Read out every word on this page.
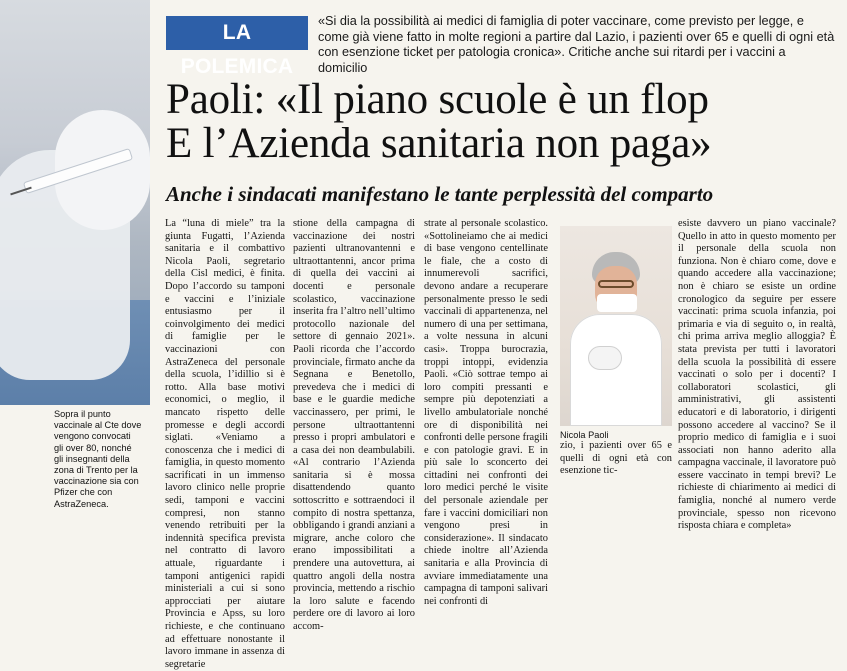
Sopra il punto vaccinale al Cte dove vengono convocati gli over 80, nonché gli insegnanti della zona di Trento per la vaccinazione sia con Pfizer che con AstraZeneca.
LA POLEMICA
«Si dia la possibilità ai medici di famiglia di poter vaccinare, come previsto per legge, e come già viene fatto in molte regioni a partire dal Lazio, i pazienti over 65 e quelli di ogni età con esenzione ticket per patologia cronica». Critiche anche sui ritardi per i vaccini a domicilio
Paoli: «Il piano scuole è un flop
E l’Azienda sanitaria non paga»
Anche i sindacati manifestano le tante perplessità del comparto

La “luna di miele” tra la giunta Fugatti, l’Azienda sanitaria e il combattivo Nicola Paoli, segretario della Cisl medici, è finita. Dopo l’accordo su tamponi e vaccini e l’iniziale entusiasmo per il coinvolgimento dei medici di famiglie per le vaccinazioni con AstraZeneca del personale della scuola, l’idillio si è rotto. Alla base motivi economici, o meglio, il mancato rispetto delle promesse e degli accordi siglati. «Veniamo a conoscenza che i medici di famiglia, in questo momento sacrificati in un immenso lavoro clinico nelle proprie sedi, tamponi e vaccini compresi, non stanno venendo retribuiti per la indennità specifica prevista nel contratto di lavoro attuale, riguardante i tamponi antigenici rapidi ministeriali a cui si sono approcciati per aiutare Provincia e Apss, su loro richieste, e che continuano ad effettuare nonostante il lavoro immane in assenza di segretarie

stione della campagna di vaccinazione dei nostri pazienti ultranovantenni e ultraottantenni, ancor prima di quella dei vaccini ai docenti e personale scolastico, vaccinazione inserita fra l’altro nell’ultimo protocollo nazionale del settore di gennaio 2021». Paoli ricorda che l’accordo provinciale, firmato anche da Segnana e Benetollo, prevedeva che i medici di base e le guardie mediche vaccinassero, per primi, le persone ultraottantenni presso i propri ambulatori e a casa dei non deambulabili. «Al contrario l’Azienda sanitaria si è mossa disattendendo quanto sottoscritto e sottraendoci il compito di nostra spettanza, obbligando i grandi anziani a migrare, anche coloro che erano impossibilitati a prendere una autovettura, ai quattro angoli della nostra provincia, mettendo a rischio la loro salute e facendo perdere ore di lavoro ai loro accom-

strate al personale scolastico. «Sottolineiamo che ai medici di base vengono centellinate le fiale, che a costo di innumerevoli sacrifici, devono andare a recuperare personalmente presso le sedi vaccinali di appartenenza, nel numero di una per settimana, a volte nessuna in alcuni casi». Troppa burocrazia, troppi intoppi, evidenzia Paoli. «Ciò sottrae tempo ai loro compiti pressanti e sempre più depotenziati a livello ambulatoriale nonché ore di disponibilità nei confronti delle persone fragili e con patologie gravi. E in più sale lo sconcerto dei cittadini nei confronti dei loro medici perché le visite del personale aziendale per fare i vaccini domiciliari non vengono presi in considerazione». Il sindacato chiede inoltre all’Azienda sanitaria e alla Provincia di avviare immediatamente una campagna di tamponi salivari nei confronti di

Nicola Paoli

zio, i pazienti over 65 e quelli di ogni età con esenzione tic-

esiste davvero un piano vaccinale? Quello in atto in questo momento per il personale della scuola non funziona. Non è chiaro come, dove e quando accedere alla vaccinazione; non è chiaro se esiste un ordine cronologico da seguire per essere vaccinati: prima scuola infanzia, poi primaria e via di seguito o, in realtà, chi prima arriva meglio alloggia? È stata prevista per tutti i lavoratori della scuola la possibilità di essere vaccinati o solo per i docenti? I collaboratori scolastici, gli amministrativi, gli assistenti educatori e di laboratorio, i dirigenti possono accedere al vaccino? Se il proprio medico di famiglia e i suoi associati non hanno aderito alla campagna vaccinale, il lavoratore può essere vaccinato in tempi brevi? Le richieste di chiarimento ai medici di famiglia, nonché al numero verde provinciale, spesso non ricevono risposta chiara e completa»
